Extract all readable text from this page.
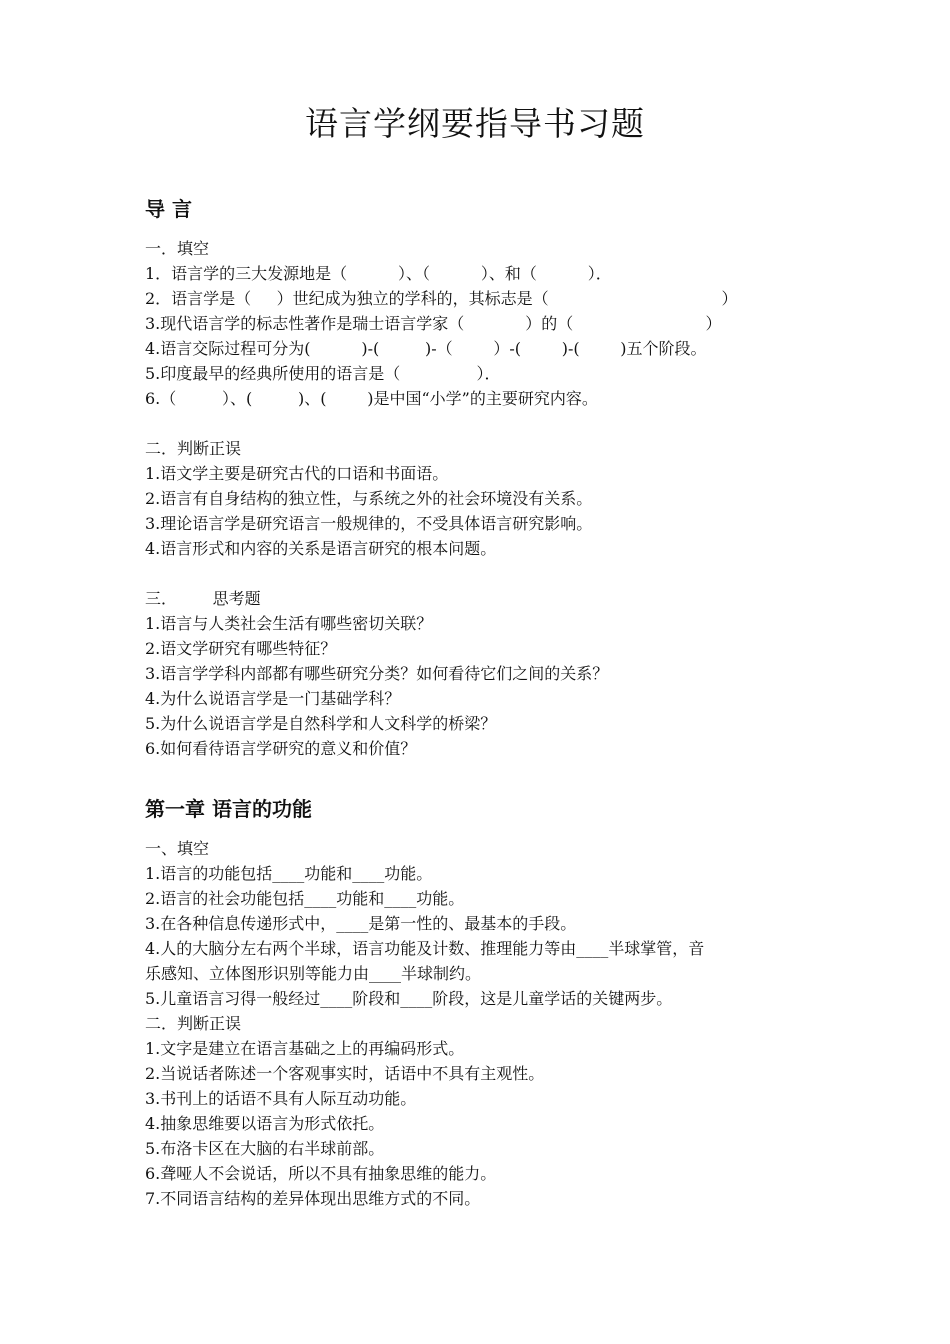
语言学纲要指导书习题
导 言
一．填空
1．语言学的三大发源地是（          ）、（          ）、和（          ）．
2．语言学是（     ）世纪成为独立的学科的，其标志是（                                  ）
3.现代语言学的标志性著作是瑞士语言学家（            ）的（                          ）
4.语言交际过程可分为(          )-(         )-（        ）-(        )-(        )五个阶段。
5.印度最早的经典所使用的语言是（               ）．
6.（         ）、(         )、(        )是中国“小学”的主要研究内容。
二．判断正误
1.语文学主要是研究古代的口语和书面语。
2.语言有自身结构的独立性，与系统之外的社会环境没有关系。
3.理论语言学是研究语言一般规律的，不受具体语言研究影响。
4.语言形式和内容的关系是语言研究的根本问题。
三．       思考题
1.语言与人类社会生活有哪些密切关联？
2.语文学研究有哪些特征？
3.语言学学科内部都有哪些研究分类？如何看待它们之间的关系？
4.为什么说语言学是一门基础学科？
5.为什么说语言学是自然科学和人文科学的桥梁？
6.如何看待语言学研究的意义和价值？
第一章 语言的功能
一、填空
1.语言的功能包括____功能和____功能。
2.语言的社会功能包括____功能和____功能。
3.在各种信息传递形式中，____是第一性的、最基本的手段。
4.人的大脑分左右两个半球，语言功能及计数、推理能力等由____半球掌管，音
乐感知、立体图形识别等能力由____半球制约。
5.儿童语言习得一般经过____阶段和____阶段，这是儿童学话的关键两步。
二．判断正误
1.文字是建立在语言基础之上的再编码形式。
2.当说话者陈述一个客观事实时，话语中不具有主观性。
3.书刊上的话语不具有人际互动功能。
4.抽象思维要以语言为形式依托。
5.布洛卡区在大脑的右半球前部。
6.聋哑人不会说话，所以不具有抽象思维的能力。
7.不同语言结构的差异体现出思维方式的不同。
